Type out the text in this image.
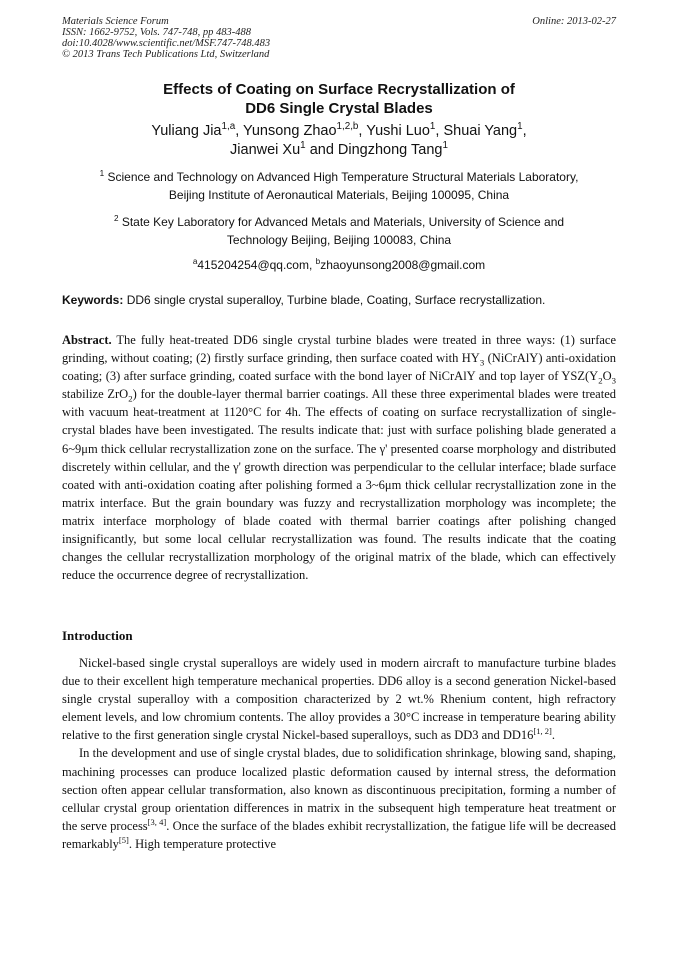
Materials Science Forum
ISSN: 1662-9752, Vols. 747-748, pp 483-488
doi:10.4028/www.scientific.net/MSF.747-748.483
© 2013 Trans Tech Publications Ltd, Switzerland
Online: 2013-02-27
Effects of Coating on Surface Recrystallization of
DD6 Single Crystal Blades
Yuliang Jia$^{1,a}$, Yunsong Zhao$^{1,2,b}$, Yushi Luo$^1$, Shuai Yang$^1$,
Jianwei Xu$^1$ and Dingzhong Tang$^1$
$^1$ Science and Technology on Advanced High Temperature Structural Materials Laboratory,
Beijing Institute of Aeronautical Materials, Beijing 100095, China
$^2$ State Key Laboratory for Advanced Metals and Materials, University of Science and
Technology Beijing, Beijing 100083, China
$^a$415204254@qq.com, $^b$zhaoyunsong2008@gmail.com
Keywords: DD6 single crystal superalloy, Turbine blade, Coating, Surface recrystallization.
Abstract. The fully heat-treated DD6 single crystal turbine blades were treated in three ways: (1) surface grinding, without coating; (2) firstly surface grinding, then surface coated with $HY_3$ (NiCrAlY) anti-oxidation coating; (3) after surface grinding, coated surface with the bond layer of NiCrAlY and top layer of $YSZ(Y_2O_3$ stabilize ZrO$_2$) for the double-layer thermal barrier coatings. All these three experimental blades were treated with vacuum heat-treatment at 1120°C for 4h. The effects of coating on surface recrystallization of single-crystal blades have been investigated. The results indicate that: just with surface polishing blade generated a 6~9μm thick cellular recrystallization zone on the surface. The γ' presented coarse morphology and distributed discretely within cellular, and the γ' growth direction was perpendicular to the cellular interface; blade surface coated with anti-oxidation coating after polishing formed a 3~6μm thick cellular recrystallization zone in the matrix interface. But the grain boundary was fuzzy and recrystallization morphology was incomplete; the matrix interface morphology of blade coated with thermal barrier coatings after polishing changed insignificantly, but some local cellular recrystallization was found. The results indicate that the coating changes the cellular recrystallization morphology of the original matrix of the blade, which can effectively reduce the occurrence degree of recrystallization.
Introduction

Nickel-based single crystal superalloys are widely used in modern aircraft to manufacture turbine blades due to their excellent high temperature mechanical properties. DD6 alloy is a second generation Nickel-based single crystal superalloy with a composition characterized by 2 wt.% Rhenium content, high refractory element levels, and low chromium contents. The alloy provides a 30°C increase in temperature bearing ability relative to the first generation single crystal Nickel-based superalloys, such as DD3 and DD16[1, 2].

In the development and use of single crystal blades, due to solidification shrinkage, blowing sand, shaping, machining processes can produce localized plastic deformation caused by internal stress, the deformation section often appear cellular transformation, also known as discontinuous precipitation, forming a number of cellular crystal group orientation differences in matrix in the subsequent high temperature heat treatment or the serve process[3, 4]. Once the surface of the blades exhibit recrystallization, the fatigue life will be decreased remarkably[5]. High temperature protective
